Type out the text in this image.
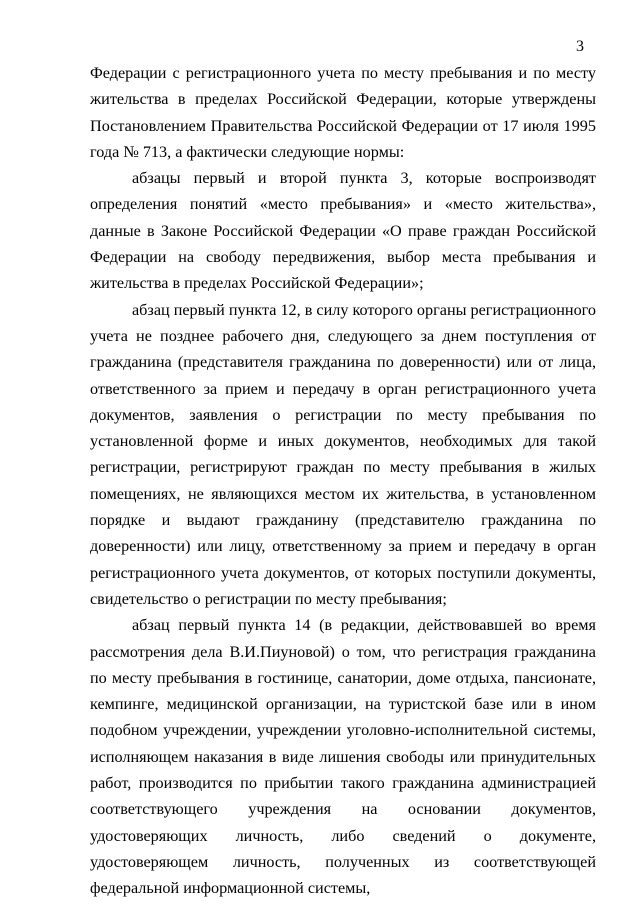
3

Федерации с регистрационного учета по месту пребывания и по месту жительства в пределах Российской Федерации, которые утверждены Постановлением Правительства Российской Федерации от 17 июля 1995 года № 713, а фактически следующие нормы:

абзацы первый и второй пункта 3, которые воспроизводят определения понятий «место пребывания» и «место жительства», данные в Законе Российской Федерации «О праве граждан Российской Федерации на свободу передвижения, выбор места пребывания и жительства в пределах Российской Федерации»;

абзац первый пункта 12, в силу которого органы регистрационного учета не позднее рабочего дня, следующего за днем поступления от гражданина (представителя гражданина по доверенности) или от лица, ответственного за прием и передачу в орган регистрационного учета документов, заявления о регистрации по месту пребывания по установленной форме и иных документов, необходимых для такой регистрации, регистрируют граждан по месту пребывания в жилых помещениях, не являющихся местом их жительства, в установленном порядке и выдают гражданину (представителю гражданина по доверенности) или лицу, ответственному за прием и передачу в орган регистрационного учета документов, от которых поступили документы, свидетельство о регистрации по месту пребывания;

абзац первый пункта 14 (в редакции, действовавшей во время рассмотрения дела В.И.Пиуновой) о том, что регистрация гражданина по месту пребывания в гостинице, санатории, доме отдыха, пансионате, кемпинге, медицинской организации, на туристской базе или в ином подобном учреждении, учреждении уголовно-исполнительной системы, исполняющем наказания в виде лишения свободы или принудительных работ, производится по прибытии такого гражданина администрацией соответствующего учреждения на основании документов, удостоверяющих личность, либо сведений о документе, удостоверяющем личность, полученных из соответствующей федеральной информационной системы,
